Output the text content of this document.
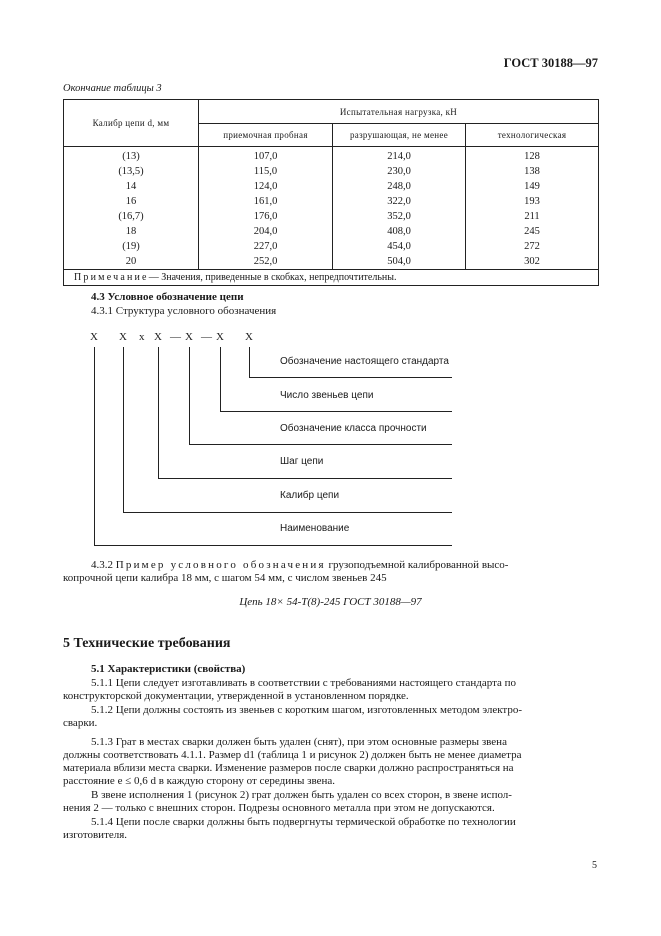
ГОСТ 30188—97
Окончание таблицы 3
Калибр цепи d, мм	Испытательная нагрузка, кН		
	приемочная пробная	разрушающая, не менее	технологическая
(13)	107,0	214,0	128
(13,5)	115,0	230,0	138
14	124,0	248,0	149
16	161,0	322,0	193
(16,7)	176,0	352,0	211
18	204,0	408,0	245
(19)	227,0	454,0	272
20	252,0	504,0	302
Примечание— Значения, приведенные в скобках, непредпочтительны.			
4.3 Условное обозначение цепи
4.3.1 Структура условного обозначения
X X x X — X — X X
Обозначение настоящего стандарта
Число звеньев цепи
Обозначение класса прочности
Шаг цепи
Калибр цепи
Наименование
4.3.2 Пример условного обозначения грузоподъемной калиброванной высо-
копрочной цепи калибра 18 мм, с шагом 54 мм, с числом звеньев 245
Цепь 18× 54-Т(8)-245 ГОСТ 30188—97
5 Технические требования
5.1 Характеристики (свойства)
5.1.1 Цепи следует изготавливать в соответствии с требованиями настоящего стандарта по
конструкторской документации, утвержденной в установленном порядке.
5.1.2 Цепи должны состоять из звеньев с коротким шагом, изготовленных методом электро-
сварки.
5.1.3 Грат в местах сварки должен быть удален (снят), при этом основные размеры звена
должны соответствовать 4.1.1. Размер d1 (таблица 1 и рисунок 2) должен быть не менее диаметра
материала вблизи места сварки. Изменение размеров после сварки должно распространяться на
расстояние e ≤ 0,6 d в каждую сторону от середины звена.
В звене исполнения 1 (рисунок 2) грат должен быть удален со всех сторон, в звене испол-
нения 2 — только с внешних сторон. Подрезы основного металла при этом не допускаются.
5.1.4 Цепи после сварки должны быть подвергнуты термической обработке по технологии
изготовителя.
5
